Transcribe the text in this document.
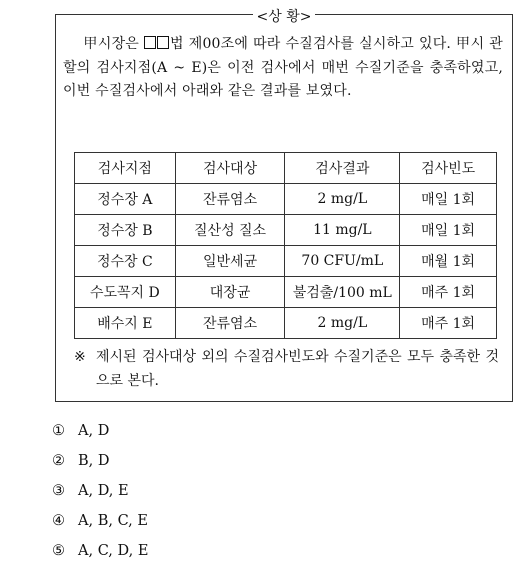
<상 황>
甲시장은 법 제00조에 따라 수질검사를 실시하고 있다. 甲시 관할의 검사지점(A ~ E)은 이전 검사에서 매번 수질기준을 충족하였고, 이번 수질검사에서 아래와 같은 결과를 보였다.
검사지점	검사대상	검사결과	검사빈도
정수장 A	잔류염소	2 mg/L	매일 1회
정수장 B	질산성 질소	11 mg/L	매일 1회
정수장 C	일반세균	70 CFU/mL	매월 1회
수도꼭지 D	대장균	불검출/100 mL	매주 1회
배수지 E	잔류염소	2 mg/L	매주 1회
※ 제시된 검사대상 외의 수질검사빈도와 수질기준은 모두 충족한 것으로 본다.
① A, D
② B, D
③ A, D, E
④ A, B, C, E
⑤ A, C, D, E
